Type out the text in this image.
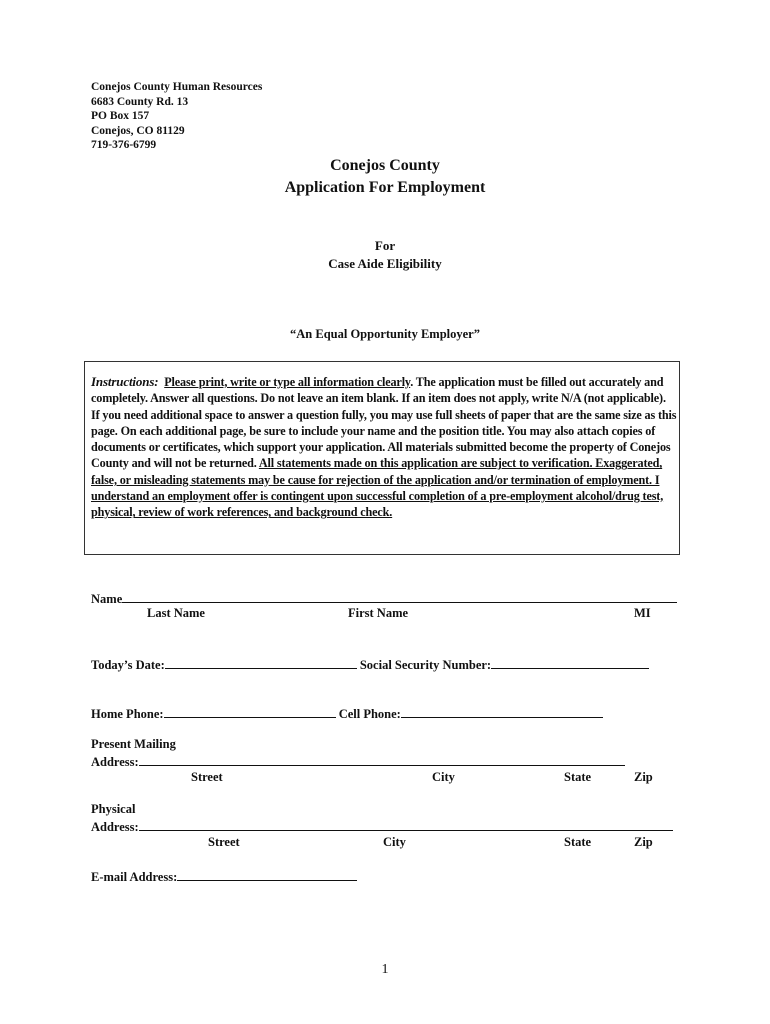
Conejos County Human Resources
6683 County Rd. 13
PO Box 157
Conejos, CO 81129
719-376-6799
Conejos County
Application For Employment
For
Case Aide Eligibility
“An Equal Opportunity Employer”
Instructions: Please print, write or type all information clearly. The application must be filled out accurately and completely. Answer all questions. Do not leave an item blank. If an item does not apply, write N/A (not applicable). If you need additional space to answer a question fully, you may use full sheets of paper that are the same size as this page. On each additional page, be sure to include your name and the position title. You may also attach copies of documents or certificates, which support your application. All materials submitted become the property of Conejos County and will not be returned. All statements made on this application are subject to verification. Exaggerated, false, or misleading statements may be cause for rejection of the application and/or termination of employment. I understand an employment offer is contingent upon successful completion of a pre-employment alcohol/drug test, physical, review of work references, and background check.
Name
Last Name	First Name	MI
Today’s Date:	Social Security Number:
Home Phone:	Cell Phone:
Present Mailing
Address:
Street	City	State	Zip
Physical
Address:
Street	City	State	Zip
E-mail Address:
1
